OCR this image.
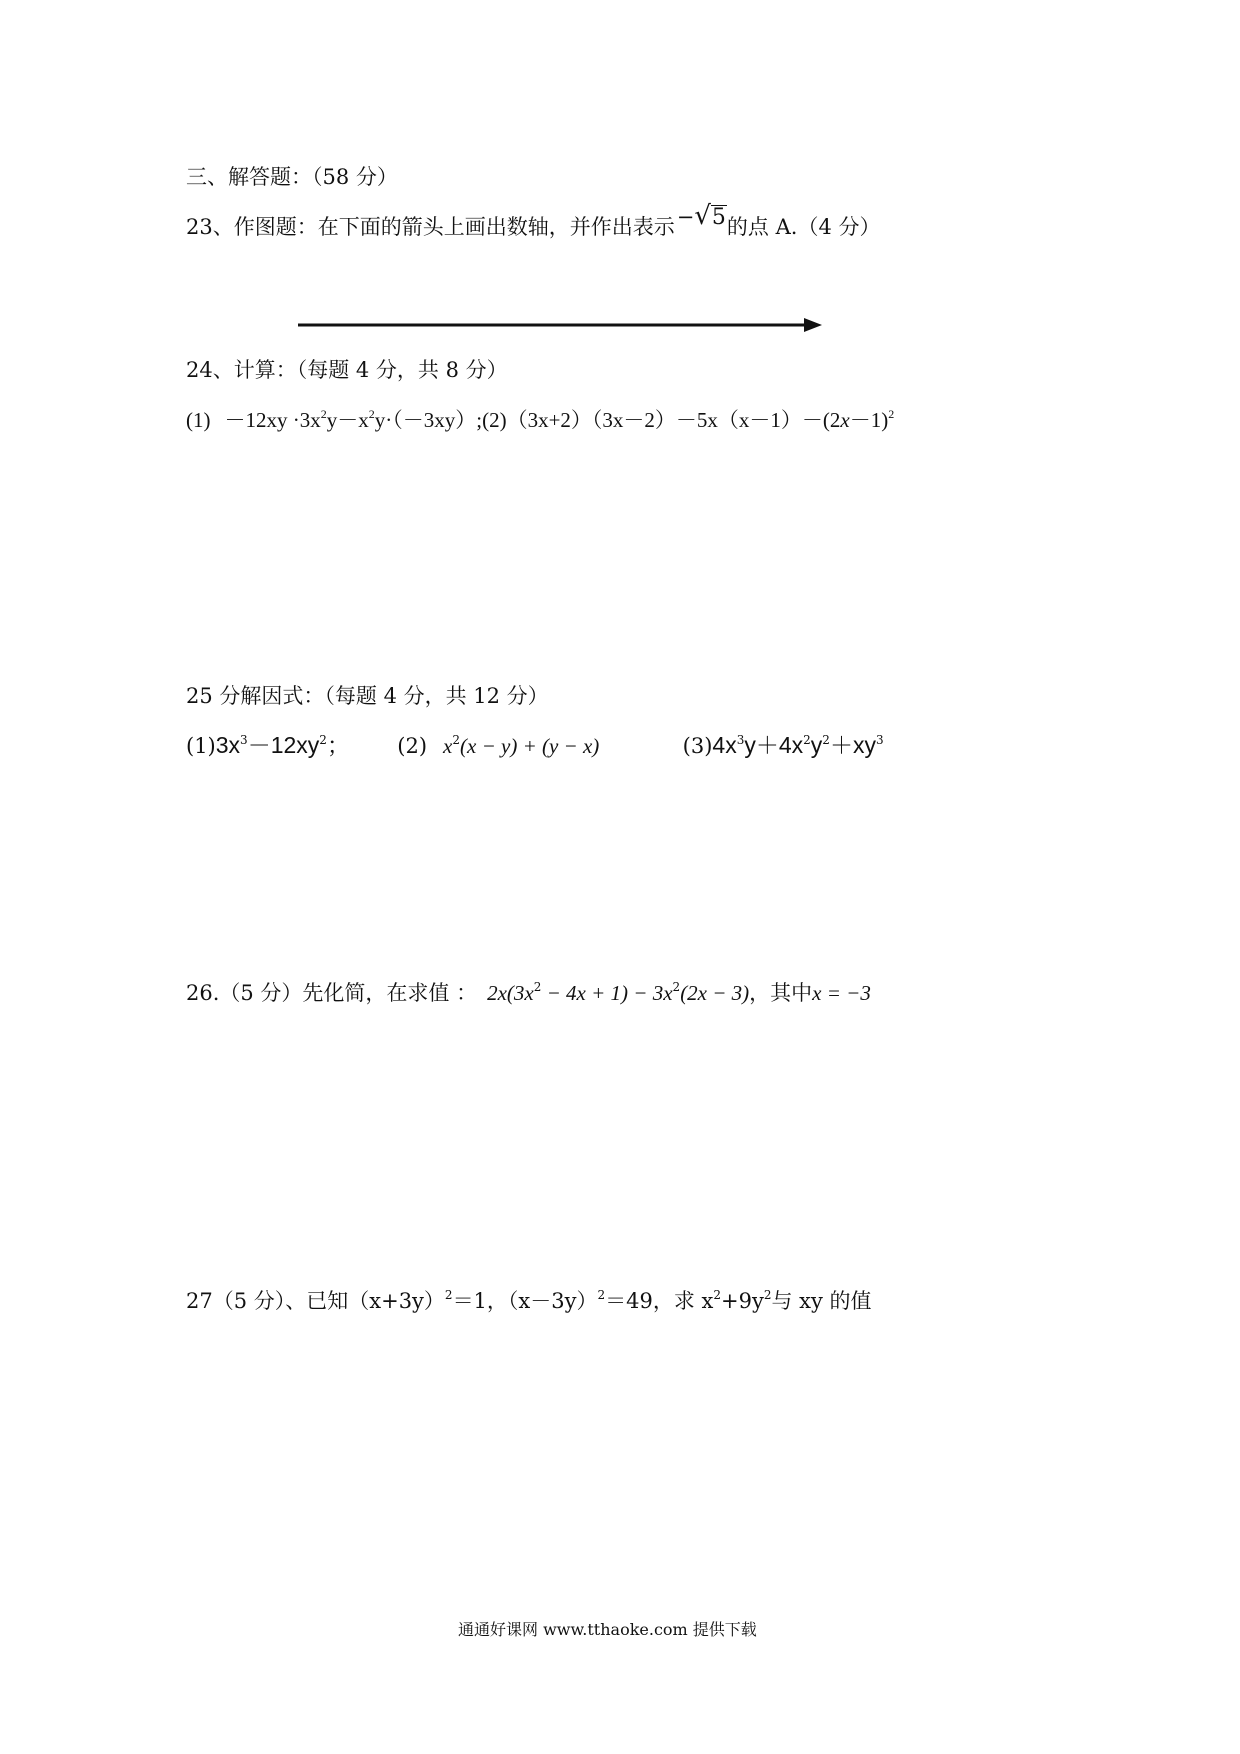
三、解答题：（58 分）
23、作图题：在下面的箭头上画出数轴，并作出表示−√5的点 A.（4 分）
24、计算：（每题 4 分，共 8 分）
$(1) -12xy \cdot 3x^2y-x^2y\cdot(-3xy);(2)(3x+2)(3x-2)-5x(x-1)-(2x-1)^2$
25 分解因式：（每题 4 分，共 12 分）
$(1)3x^3-12xy^2$； (2) $x^2(x - y) + (y - x)$	$(3)4x^3y+4x^2y^2+xy^3$
26.（5 分）先化简，在求值 ： $2x(3x^2 - 4x + 1) - 3x^2(2x - 3)$，其中x = −3
27（5 分）、已知$(x+3y)^2=1$，$(x-3y)^2=49$，求 $x^2+9y^2$与 xy 的值
通通好课网 www.tthaoke.com 提供下载
